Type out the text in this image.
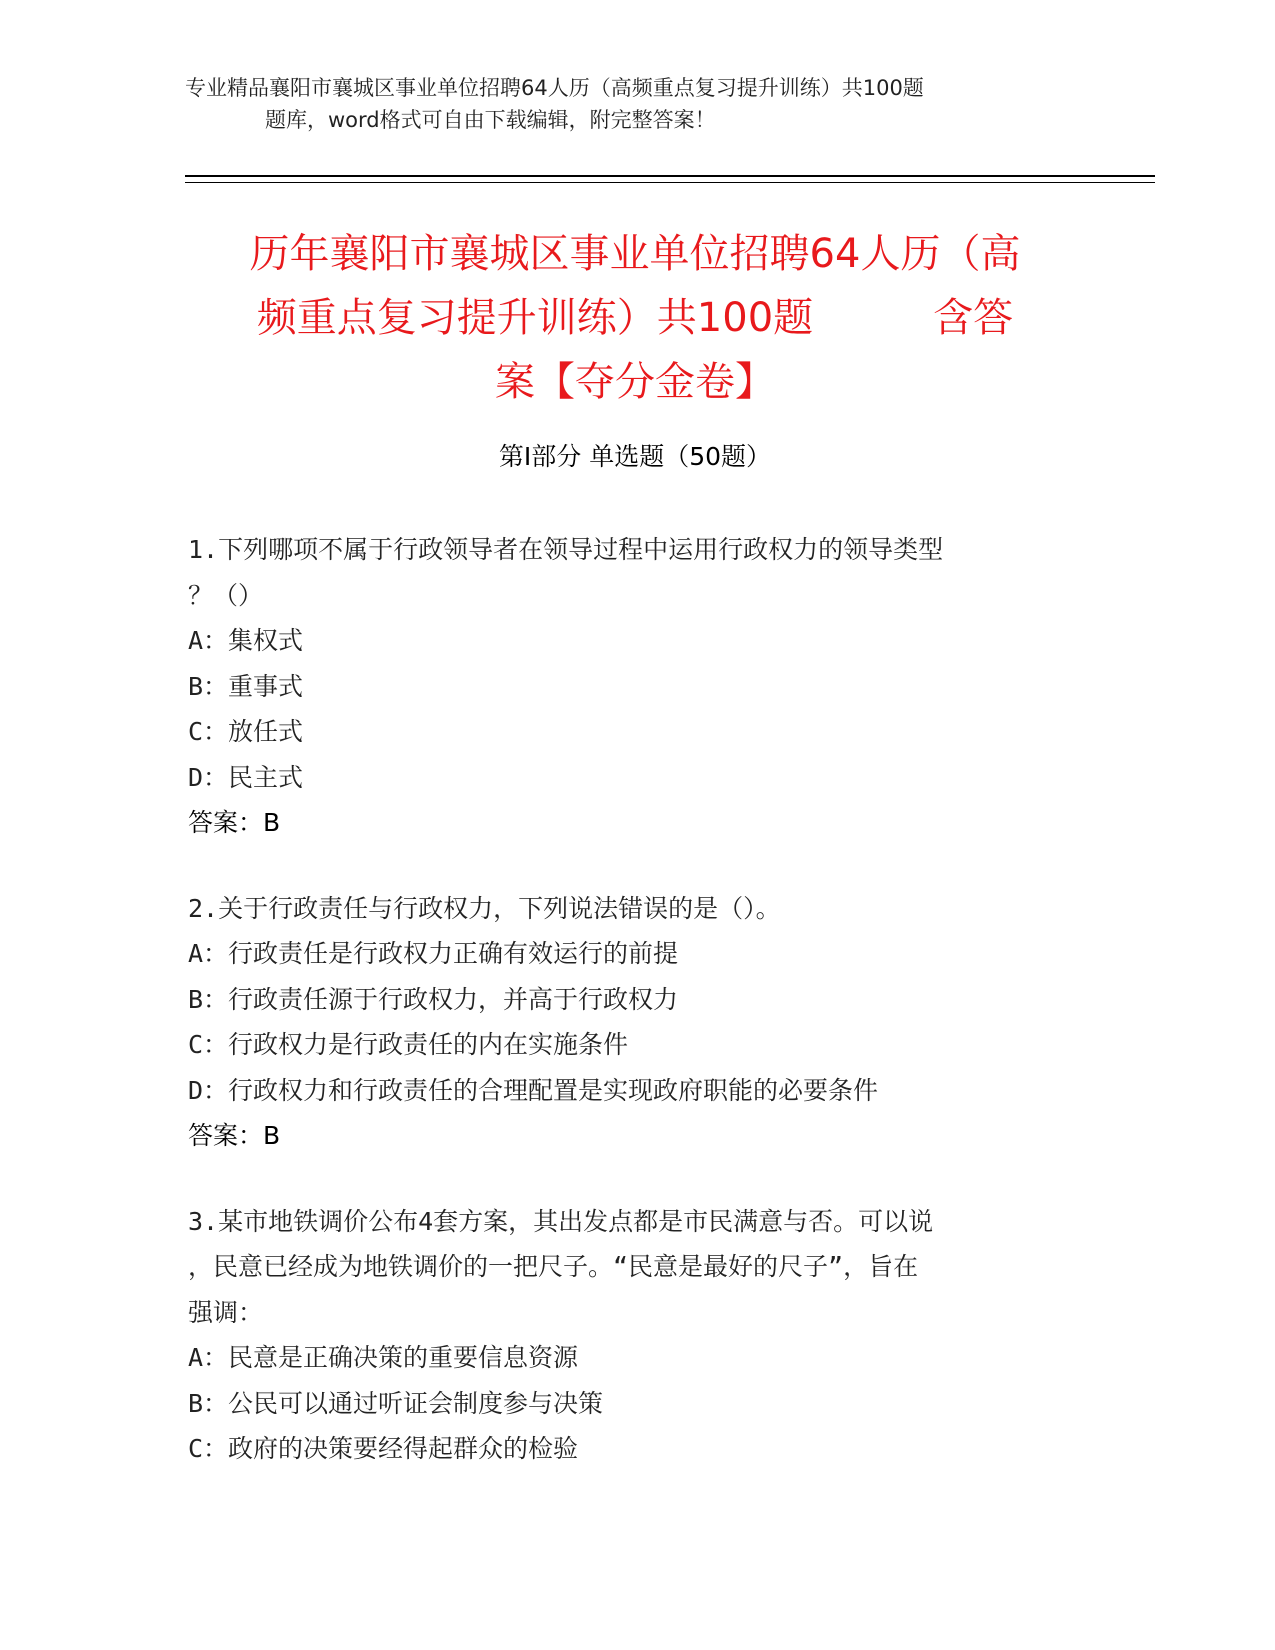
专业精品襄阳市襄城区事业单位招聘64人历（高频重点复习提升训练）共100题
题库，word格式可自由下载编辑，附完整答案！
历年襄阳市襄城区事业单位招聘64人历（高
频重点复习提升训练）共100题　　　含答
案【夺分金卷】
第Ⅰ部分 单选题（50题）
1.下列哪项不属于行政领导者在领导过程中运用行政权力的领导类型
？（）
A：集权式
B：重事式
C：放任式
D：民主式
答案：B
2.关于行政责任与行政权力，下列说法错误的是（）。
A：行政责任是行政权力正确有效运行的前提
B：行政责任源于行政权力，并高于行政权力
C：行政权力是行政责任的内在实施条件
D：行政权力和行政责任的合理配置是实现政府职能的必要条件
答案：B
3.某市地铁调价公布4套方案，其出发点都是市民满意与否。可以说
，民意已经成为地铁调价的一把尺子。“民意是最好的尺子”，旨在
强调：
A：民意是正确决策的重要信息资源
B：公民可以通过听证会制度参与决策
C：政府的决策要经得起群众的检验
